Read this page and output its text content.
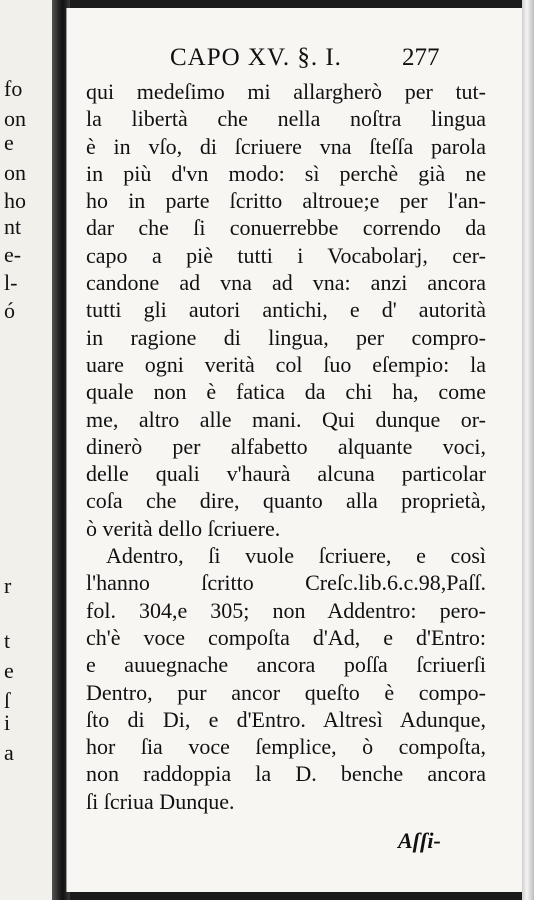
fo
on
e
on
ho
nt
e-
l-
ó
r
t
e
ſ
i
a
CAPO XV. §. I. 277
qui medeſimo mi allargherò per tut-
la libertà che nella noſtra lingua
è in vſo, di ſcriuere vna ſteſſa parola
in più d'vn modo: sì perchè già ne
ho in parte ſcritto altroue;e per l'an-
dar che ſi conuerrebbe correndo da
capo a piè tutti i Vocabolarj, cer-
candone ad vna ad vna: anzi ancora
tutti gli autori antichi, e d' autorità
in ragione di lingua, per compro-
uare ogni verità col ſuo eſempio: la
quale non è fatica da chi ha, come
me, altro alle mani. Qui dunque or-
dinerò per alfabetto alquante voci,
delle quali v'haurà alcuna particolar
coſa che dire, quanto alla proprietà,
ò verità dello ſcriuere.
Adentro, ſi vuole ſcriuere, e così
l'hanno ſcritto Creſc.lib.6.c.98,Paſſ.
fol. 304,e 305; non Addentro: pero-
ch'è voce compoſta d'Ad, e d'Entro:
e auuegnache ancora poſſa ſcriuerſi
Dentro, pur ancor queſto è compo-
ſto di Di, e d'Entro. Altresì Adunque,
hor ſia voce ſemplice, ò compoſta,
non raddoppia la D. benche ancora
ſi ſcriua Dunque.
Aſſi-
